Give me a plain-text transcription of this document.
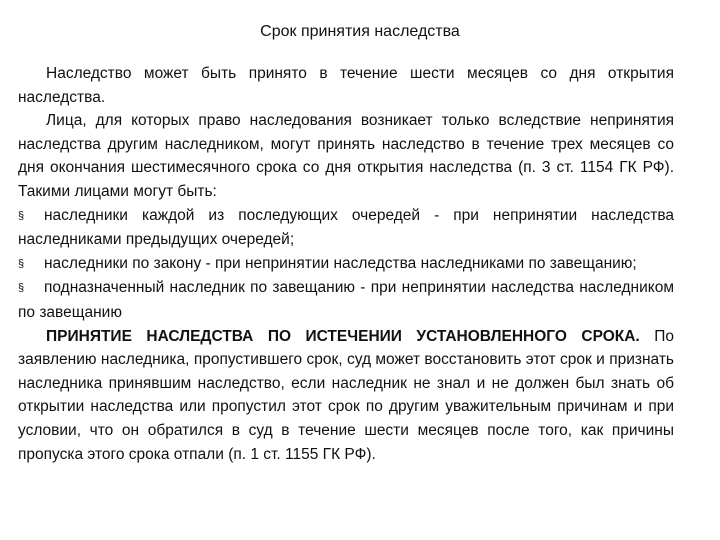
Срок принятия наследства

Наследство может быть принято в течение шести месяцев со дня открытия наследства.

Лица, для которых право наследования возникает только вследствие непринятия наследства другим наследником, могут принять наследство в течение трех месяцев со дня окончания шестимесячного срока со дня открытия наследства (п. 3 ст. 1154 ГК РФ). Такими лицами могут быть:

§ наследники каждой из последующих очередей - при непринятии наследства наследниками предыдущих очередей;

§ наследники по закону - при непринятии наследства наследниками по завещанию;

§ подназначенный наследник по завещанию - при непринятии наследства наследником по завещанию

ПРИНЯТИЕ НАСЛЕДСТВА ПО ИСТЕЧЕНИИ УСТАНОВЛЕННОГО СРОКА. По заявлению наследника, пропустившего срок, суд может восстановить этот срок и признать наследника принявшим наследство, если наследник не знал и не должен был знать об открытии наследства или пропустил этот срок по другим уважительным причинам и при условии, что он обратился в суд в течение шести месяцев после того, как причины пропуска этого срока отпали (п. 1 ст. 1155 ГК РФ).
